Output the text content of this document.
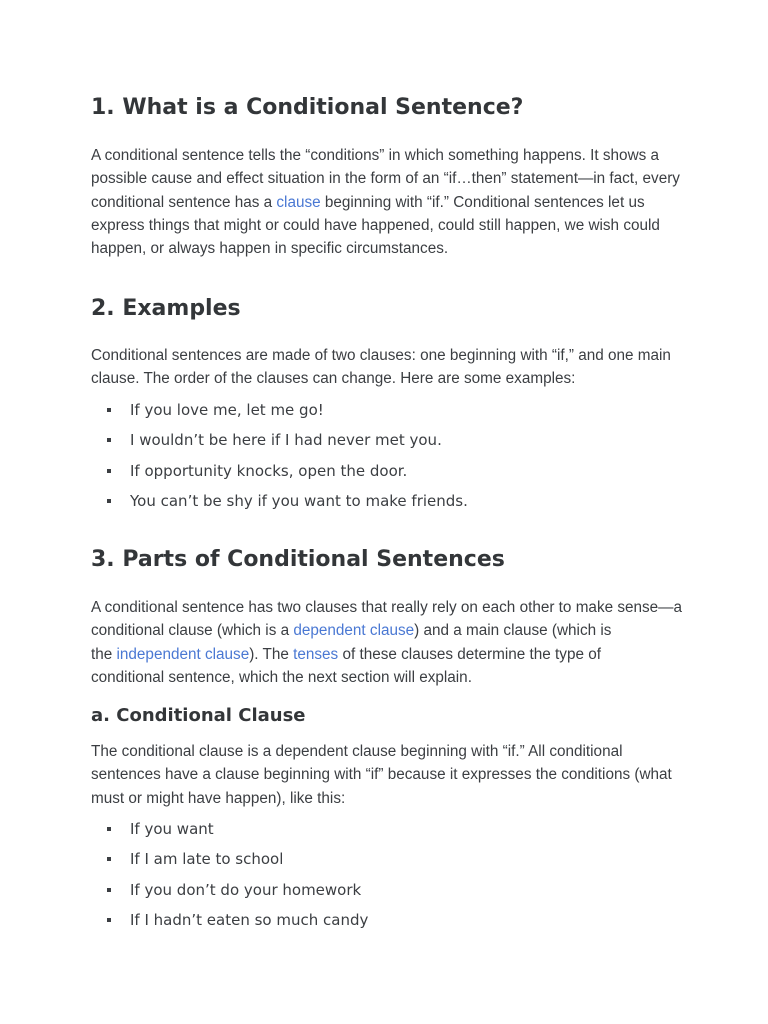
1. What is a Conditional Sentence?

A conditional sentence tells the “conditions” in which something happens. It shows a
possible cause and effect situation in the form of an “if…then” statement—in fact, every
conditional sentence has a clause beginning with “if.” Conditional sentences let us
express things that might or could have happened, could still happen, we wish could
happen, or always happen in specific circumstances.

2. Examples

Conditional sentences are made of two clauses: one beginning with “if,” and one main
clause. The order of the clauses can change. Here are some examples:

If you love me, let me go!
I wouldn’t be here if I had never met you.
If opportunity knocks, open the door.
You can’t be shy if you want to make friends.
3. Parts of Conditional Sentences

A conditional sentence has two clauses that really rely on each other to make sense—a
conditional clause (which is a dependent clause) and a main clause (which is
the independent clause). The tenses of these clauses determine the type of
conditional sentence, which the next section will explain.

a. Conditional Clause

The conditional clause is a dependent clause beginning with “if.” All conditional
sentences have a clause beginning with “if” because it expresses the conditions (what
must or might have happen), like this:

If you want
If I am late to school
If you don’t do your homework
If I hadn’t eaten so much candy
